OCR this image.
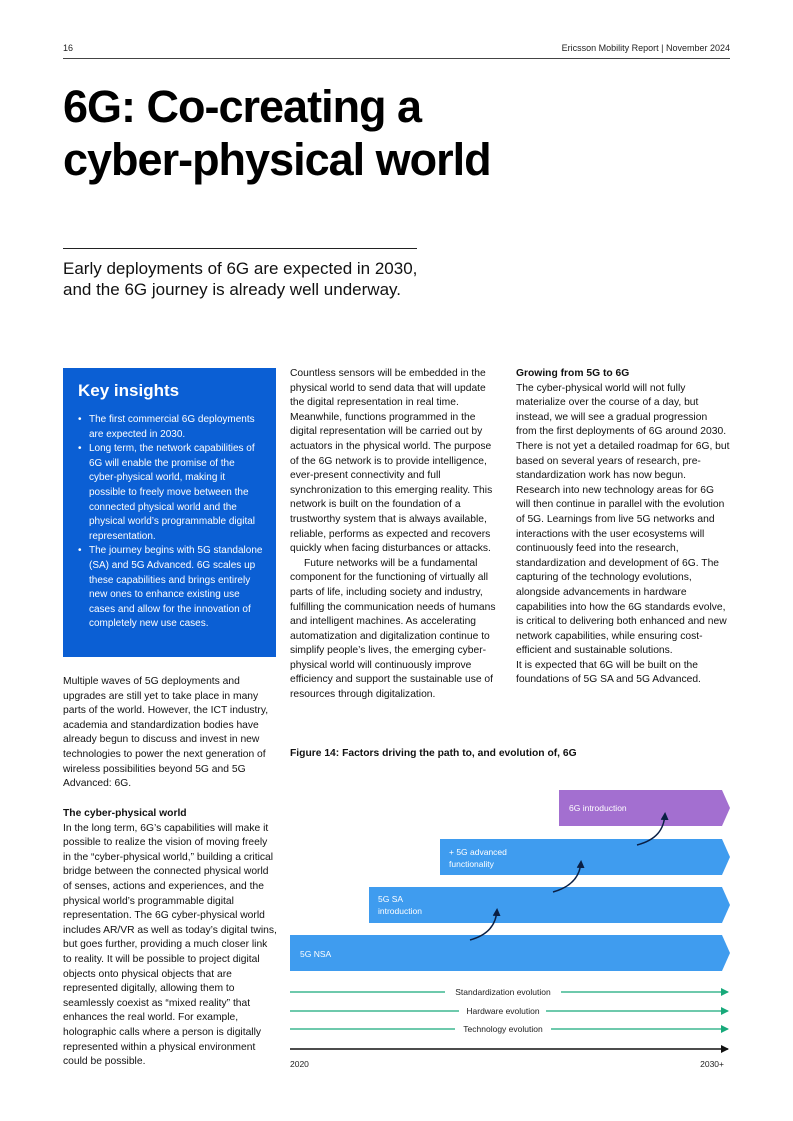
16	Ericsson Mobility Report | November 2024
6G: Co-creating a
cyber-physical world
Early deployments of 6G are expected in 2030,
and the 6G journey is already well underway.
Key insights
• The first commercial 6G deployments are expected in 2030.
• Long term, the network capabilities of 6G will enable the promise of the cyber-physical world, making it possible to freely move between the connected physical world and the physical world’s programmable digital representation.
• The journey begins with 5G standalone (SA) and 5G Advanced. 6G scales up these capabilities and brings entirely new ones to enhance existing use cases and allow for the innovation of completely new use cases.

Multiple waves of 5G deployments and upgrades are still yet to take place in many parts of the world. However, the ICT industry, academia and standardization bodies have already begun to discuss and invest in new technologies to power the next generation of wireless possibilities beyond 5G and 5G Advanced: 6G.

The cyber-physical world

In the long term, 6G’s capabilities will make it possible to realize the vision of moving freely in the “cyber-physical world,” building a critical bridge between the connected physical world of senses, actions and experiences, and the physical world’s programmable digital representation. The 6G cyber-physical world includes AR/VR as well as today’s digital twins, but goes further, providing a much closer link to reality. It will be possible to project digital objects onto physical objects that are represented digitally, allowing them to seamlessly coexist as “mixed reality” that enhances the real world. For example, holographic calls where a person is digitally represented within a physical environment could be possible.

Countless sensors will be embedded in the physical world to send data that will update the digital representation in real time. Meanwhile, functions programmed in the digital representation will be carried out by actuators in the physical world. The purpose of the 6G network is to provide intelligence, ever-present connectivity and full synchronization to this emerging reality. This network is built on the foundation of a trustworthy system that is always available, reliable, performs as expected and recovers quickly when facing disturbances or attacks.

Future networks will be a fundamental component for the functioning of virtually all parts of life, including society and industry, fulfilling the communication needs of humans and intelligent machines. As accelerating automatization and digitalization continue to simplify people’s lives, the emerging cyber-physical world will continuously improve efficiency and support the sustainable use of resources through digitalization.

Growing from 5G to 6G

The cyber-physical world will not fully materialize over the course of a day, but instead, we will see a gradual progression from the first deployments of 6G around 2030. There is not yet a detailed roadmap for 6G, but based on several years of research, pre-standardization work has now begun. Research into new technology areas for 6G will then continue in parallel with the evolution of 5G. Learnings from live 5G networks and interactions with the user ecosystems will continuously feed into the research, standardization and development of 6G. The capturing of the technology evolutions, alongside advancements in hardware capabilities into how the 6G standards evolve, is critical to delivering both enhanced and new network capabilities, while ensuring cost-efficient and sustainable solutions.

It is expected that 6G will be built on the foundations of 5G SA and 5G Advanced.

Figure 14: Factors driving the path to, and evolution of, 6G
5G NSA
5G SA
introduction
+ 5G advanced
functionality
6G introduction
Standardization evolution
Hardware evolution
Technology evolution
2020	2030+
